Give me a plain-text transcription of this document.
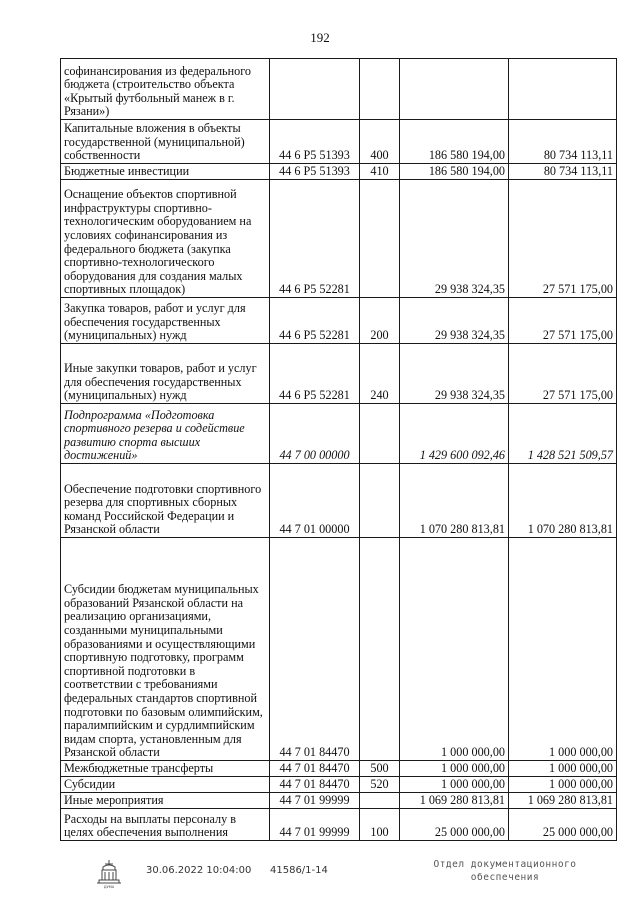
192
софинансирования из федерального бюджета (строительство объекта «Крытый футбольный манеж в г. Рязани»)				
Капитальные вложения в объекты государственной (муниципальной) собственности	44 6 Р5 51393	400	186 580 194,00	80 734 113,11
Бюджетные инвестиции	44 6 Р5 51393	410	186 580 194,00	80 734 113,11
Оснащение объектов спортивной инфраструктуры спортивно-технологическим оборудованием на условиях софинансирования из федерального бюджета (закупка спортивно-технологического оборудования для создания малых спортивных площадок)	44 6 Р5 52281		29 938 324,35	27 571 175,00
Закупка товаров, работ и услуг для обеспечения государственных (муниципальных) нужд	44 6 Р5 52281	200	29 938 324,35	27 571 175,00
Иные закупки товаров, работ и услуг для обеспечения государственных (муниципальных) нужд	44 6 Р5 52281	240	29 938 324,35	27 571 175,00
Подпрограмма «Подготовка спортивного резерва и содействие развитию спорта высших достижений»	44 7 00 00000		1 429 600 092,46	1 428 521 509,57
Обеспечение подготовки спортивного резерва для спортивных сборных команд Российской Федерации и Рязанской области	44 7 01 00000		1 070 280 813,81	1 070 280 813,81
Субсидии бюджетам муниципальных образований Рязанской области на реализацию организациями, созданными муниципальными образованиями и осуществляющими спортивную подготовку, программ спортивной подготовки в соответствии с требованиями федеральных стандартов спортивной подготовки по базовым олимпийским, паралимпийским и сурдлимпийским видам спорта, установленным для Рязанской области	44 7 01 84470		1 000 000,00	1 000 000,00
Межбюджетные трансферты	44 7 01 84470	500	1 000 000,00	1 000 000,00
Субсидии	44 7 01 84470	520	1 000 000,00	1 000 000,00
Иные мероприятия	44 7 01 99999		1 069 280 813,81	1 069 280 813,81
Расходы на выплаты персоналу в целях обеспечения выполнения	44 7 01 99999	100	25 000 000,00	25 000 000,00
ДУМА
30.06.2022 10:04:00 41586/1-14
Отдел документационного
обеспечения
